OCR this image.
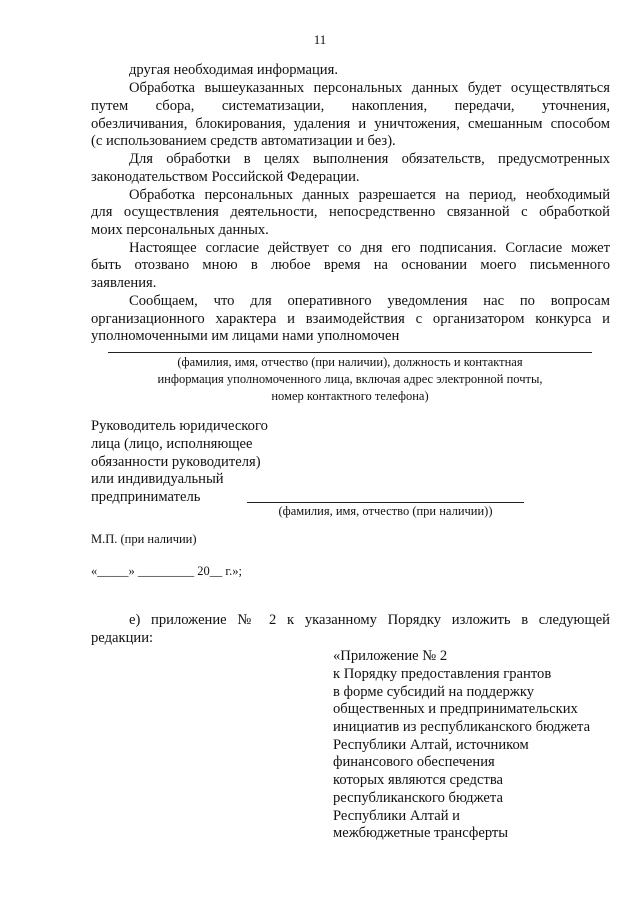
11
другая необходимая информация.
Обработка вышеуказанных персональных данных будет осуществляться
путем сбора, систематизации, накопления, передачи, уточнения,
обезличивания, блокирования, удаления и уничтожения, смешанным способом
(с использованием средств автоматизации и без).
Для обработки в целях выполнения обязательств, предусмотренных
законодательством Российской Федерации.
Обработка персональных данных разрешается на период, необходимый
для осуществления деятельности, непосредственно связанной с обработкой
моих персональных данных.
Настоящее согласие действует со дня его подписания. Согласие может
быть отозвано мною в любое время на основании моего письменного
заявления.
Сообщаем, что для оперативного уведомления нас по вопросам
организационного характера и взаимодействия с организатором конкурса и
уполномоченными им лицами нами уполномочен
(фамилия, имя, отчество (при наличии), должность и контактная
информация уполномоченного лица, включая адрес электронной почты,
номер контактного телефона)
Руководитель юридического
лица (лицо, исполняющее
обязанности руководителя)
или индивидуальный
предприниматель
(фамилия, имя, отчество (при наличии))
М.П. (при наличии)
«_____» _________ 20__ г.»;
е) приложение № 2 к указанному Порядку изложить в следующей
редакции:
«Приложение № 2
к Порядку предоставления грантов
в форме субсидий на поддержку
общественных и предпринимательских
инициатив из республиканского бюджета
Республики Алтай, источником
финансового обеспечения
которых являются средства
республиканского бюджета
Республики Алтай и
межбюджетные трансферты
